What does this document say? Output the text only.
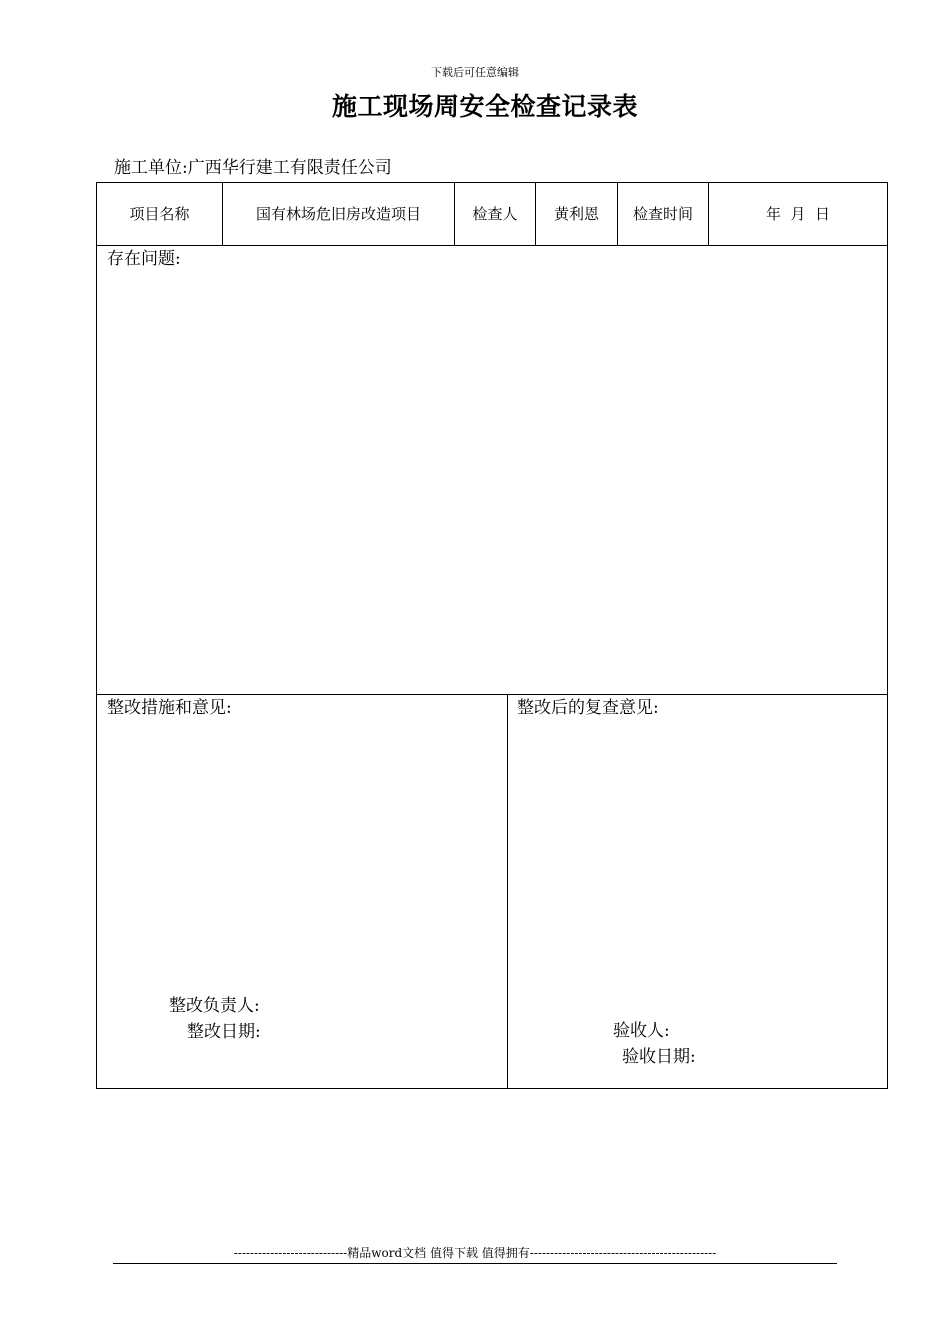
下载后可任意编辑
施工现场周安全检查记录表
施工单位:广西华行建工有限责任公司
项目名称	国有林场危旧房改造项目	检查人	黄利恩	检查时间	年  月  日
存在问题:
整改措施和意见:
整改负责人:
整改日期:
整改后的复查意见:
验收人:
验收日期:
----------------------------精品word文档 值得下载 值得拥有----------------------------------------------
